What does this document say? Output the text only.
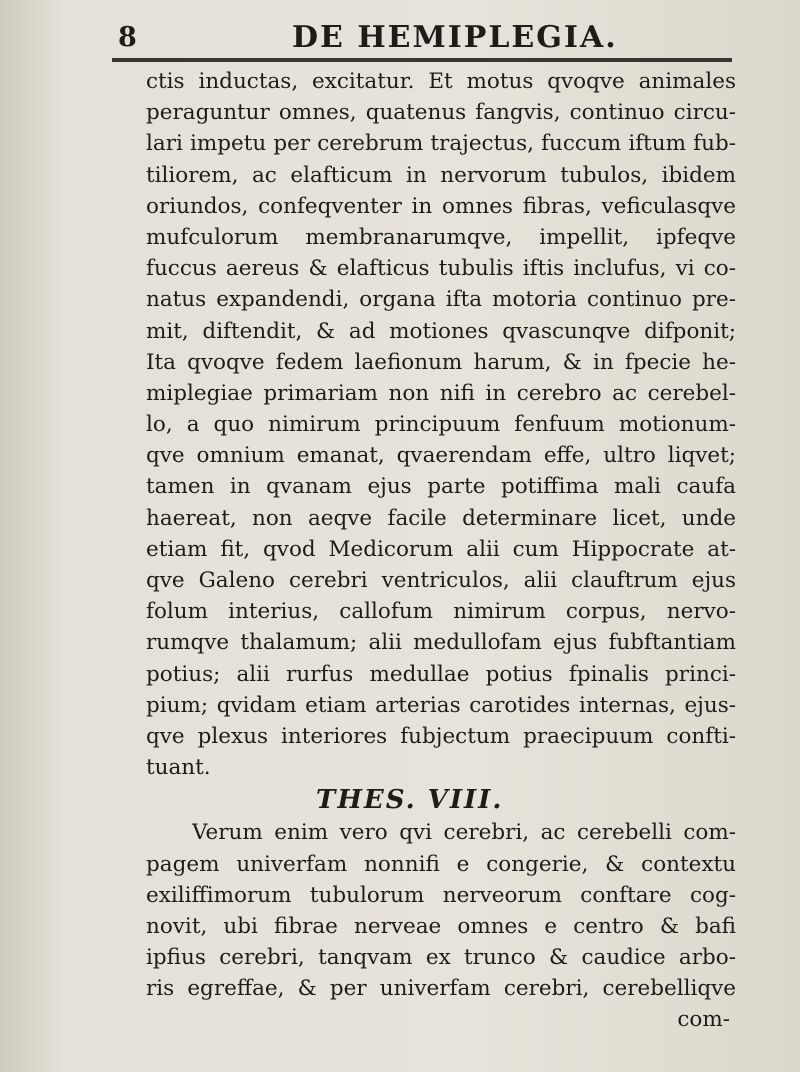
8	DE HEMIPLEGIA.
ctis inductas, excitatur. Et motus qvoqve animales
peraguntur omnes, quatenus fangvis, continuo circu-
lari impetu per cerebrum trajectus, fuccum iftum fub-
tiliorem, ac elafticum in nervorum tubulos, ibidem
oriundos, confeqventer in omnes fibras, veficulasqve
mufculorum membranarumqve, impellit, ipfeqve
fuccus aereus & elafticus tubulis iftis inclufus, vi co-
natus expandendi, organa ifta motoria continuo pre-
mit, diftendit, & ad motiones qvascunqve difponit;
Ita qvoqve fedem laefionum harum, & in fpecie he-
miplegiae primariam non nifi in cerebro ac cerebel-
lo, a quo nimirum principuum fenfuum motionum-
qve omnium emanat, qvaerendam effe, ultro liqvet;
tamen in qvanam ejus parte potiffima mali caufa
haereat, non aeqve facile determinare licet, unde
etiam fit, qvod Medicorum alii cum Hippocrate at-
qve Galeno cerebri ventriculos, alii clauftrum ejus
folum interius, callofum nimirum corpus, nervo-
rumqve thalamum; alii medullofam ejus fubftantiam
potius; alii rurfus medullae potius fpinalis princi-
pium; qvidam etiam arterias carotides internas, ejus-
qve plexus interiores fubjectum praecipuum confti-
tuant.
THES. VIII.
Verum enim vero qvi cerebri, ac cerebelli com-
pagem univerfam nonnifi e congerie, & contextu
exiliffimorum tubulorum nerveorum conftare cog-
novit, ubi fibrae nerveae omnes e centro & bafi
ipfius cerebri, tanqvam ex trunco & caudice arbo-
ris egreffae, & per univerfam cerebri, cerebelliqve
com-
